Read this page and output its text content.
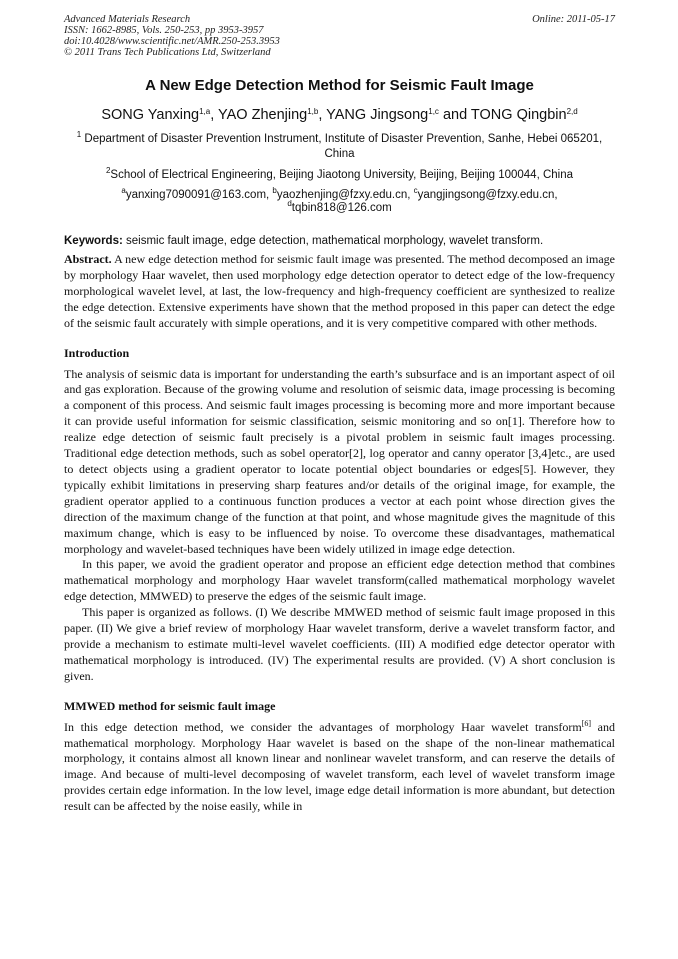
Advanced Materials Research	Online: 2011-05-17
ISSN: 1662-8985, Vols. 250-253, pp 3953-3957
doi:10.4028/www.scientific.net/AMR.250-253.3953
© 2011 Trans Tech Publications Ltd, Switzerland
A New Edge Detection Method for Seismic Fault Image
SONG Yanxing$^{1,a}$, YAO Zhenjing$^{1,b}$, YANG Jingsong$^{1,c}$ and TONG Qingbin$^{2,d}$
$^1$ Department of Disaster Prevention Instrument, Institute of Disaster Prevention, Sanhe, Hebei 065201, China
$^2$School of Electrical Engineering, Beijing Jiaotong University, Beijing, Beijing 100044, China
$^a$yanxing7090091@163.com, $^b$yaozhenjing@fzxy.edu.cn, $^c$yangjingsong@fzxy.edu.cn,
$^d$tqbin818@126.com
Keywords: seismic fault image, edge detection, mathematical morphology, wavelet transform.
Abstract. A new edge detection method for seismic fault image was presented. The method decomposed an image by morphology Haar wavelet, then used morphology edge detection operator to detect edge of the low-frequency morphological wavelet level, at last, the low-frequency and high-frequency coefficient are synthesized to realize the edge detection. Extensive experiments have shown that the method proposed in this paper can detect the edge of the seismic fault accurately with simple operations, and it is very competitive compared with other methods.
Introduction

The analysis of seismic data is important for understanding the earth’s subsurface and is an important aspect of oil and gas exploration. Because of the growing volume and resolution of seismic data, image processing is becoming a component of this process. And seismic fault images processing is becoming more and more important because it can provide useful information for seismic classification, seismic monitoring and so on[1]. Therefore how to realize edge detection of seismic fault precisely is a pivotal problem in seismic fault images processing. Traditional edge detection methods, such as sobel operator[2], log operator and canny operator [3,4]etc., are used to detect objects using a gradient operator to locate potential object boundaries or edges[5]. However, they typically exhibit limitations in preserving sharp features and/or details of the original image, for example, the gradient operator applied to a continuous function produces a vector at each point whose direction gives the direction of the maximum change of the function at that point, and whose magnitude gives the magnitude of this maximum change, which is easy to be influenced by noise. To overcome these disadvantages, mathematical morphology and wavelet-based techniques have been widely utilized in image edge detection.

In this paper, we avoid the gradient operator and propose an efficient edge detection method that combines mathematical morphology and morphology Haar wavelet transform(called mathematical morphology wavelet edge detection, MMWED) to preserve the edges of the seismic fault image.

This paper is organized as follows. (I) We describe MMWED method of seismic fault image proposed in this paper. (II) We give a brief review of morphology Haar wavelet transform, derive a wavelet transform factor, and provide a mechanism to estimate multi-level wavelet coefficients. (III) A modified edge detector operator with mathematical morphology is introduced. (IV) The experimental results are provided. (V) A short conclusion is given.

MMWED method for seismic fault image

In this edge detection method, we consider the advantages of morphology Haar wavelet transform[6] and mathematical morphology. Morphology Haar wavelet is based on the shape of the non-linear mathematical morphology, it contains almost all known linear and nonlinear wavelet transform, and can reserve the details of image. And because of multi-level decomposing of wavelet transform, each level of wavelet transform image provides certain edge information. In the low level, image edge detail information is more abundant, but detection result can be affected by the noise easily, while in
